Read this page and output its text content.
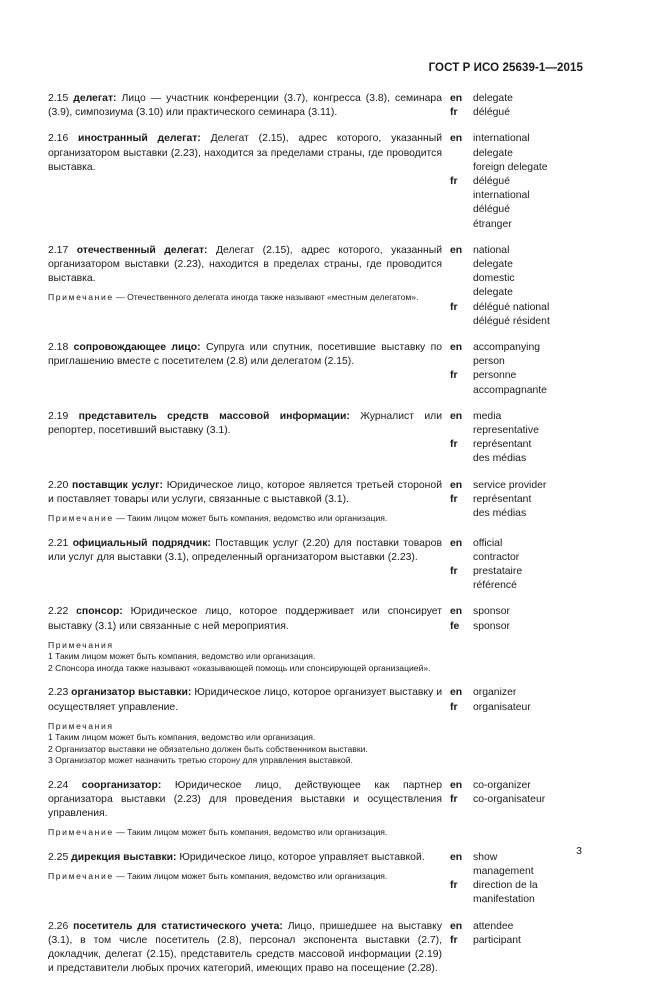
ГОСТ Р ИСО 25639-1—2015
2.15 делегат: Лицо — участник конференции (3.7), конгресса (3.8), семинара (3.9), симпозиума (3.10) или практического семинара (3.11).
en	delegate
fr	délégué
2.16 иностранный делегат: Делегат (2.15), адрес которого, указанный организатором выставки (2.23), находится за пределами страны, где проводится выставка.
en	international delegate
foreign delegate
fr	délégué international
délégué étranger
2.17 отечественный делегат: Делегат (2.15), адрес которого, указанный организатором выставки (2.23), находится в пределах страны, где проводится выставка.
Примечание — Отечественного делегата иногда также называют «местным делегатом».
en	national delegate
domestic delegate
fr	délégué national
délégué résident
2.18 сопровождающее лицо: Супруга или спутник, посетившие выставку по приглашению вместе с посетителем (2.8) или делегатом (2.15).
en	accompanying person
fr	personne accompagnante
2.19 представитель средств массовой информации: Журналист или репортер, посетивший выставку (3.1).
en	media representative
fr	représentant des médias
2.20 поставщик услуг: Юридическое лицо, которое является третьей стороной и поставляет товары или услуги, связанные с выставкой (3.1).
Примечание — Таким лицом может быть компания, ведомство или организация.
en	service provider
fr	représentant des médias
2.21 официальный подрядчик: Поставщик услуг (2.20) для поставки товаров или услуг для выставки (3.1), определенный организатором выставки (2.23).
en	official contractor
fr	prestataire référencé
2.22 спонсор: Юридическое лицо, которое поддерживает или спонсирует выставку (3.1) или связанные с ней мероприятия.
Примечания
1 Таким лицом может быть компания, ведомство или организация.
2 Спонсора иногда также называют «оказывающей помощь или спонсирующей организацией».
en	sponsor
fe	sponsor
2.23 организатор выставки: Юридическое лицо, которое организует выставку и осуществляет управление.
Примечания
1 Таким лицом может быть компания, ведомство или организация.
2 Организатор выставки не обязательно должен быть собственником выставки.
3 Организатор может назначить третью сторону для управления выставкой.
en	organizer
fr	organisateur
2.24 соорганизатор: Юридическое лицо, действующее как партнер организатора выставки (2.23) для проведения выставки и осуществления управления.
Примечание — Таким лицом может быть компания, ведомство или организация.
en	co-organizer
fr	co-organisateur
2.25 дирекция выставки: Юридическое лицо, которое управляет выставкой.
Примечание — Таким лицом может быть компания, ведомство или организация.
en	show management
fr	direction de la manifestation
2.26 посетитель для статистического учета: Лицо, пришедшее на выставку (3.1), в том числе посетитель (2.8), персонал экспонента выставки (2.7), докладчик, делегат (2.15), представитель средств массовой информации (2.19) и представители любых прочих категорий, имеющих право на посещение (2.28).
en	attendee
fr	participant
3
